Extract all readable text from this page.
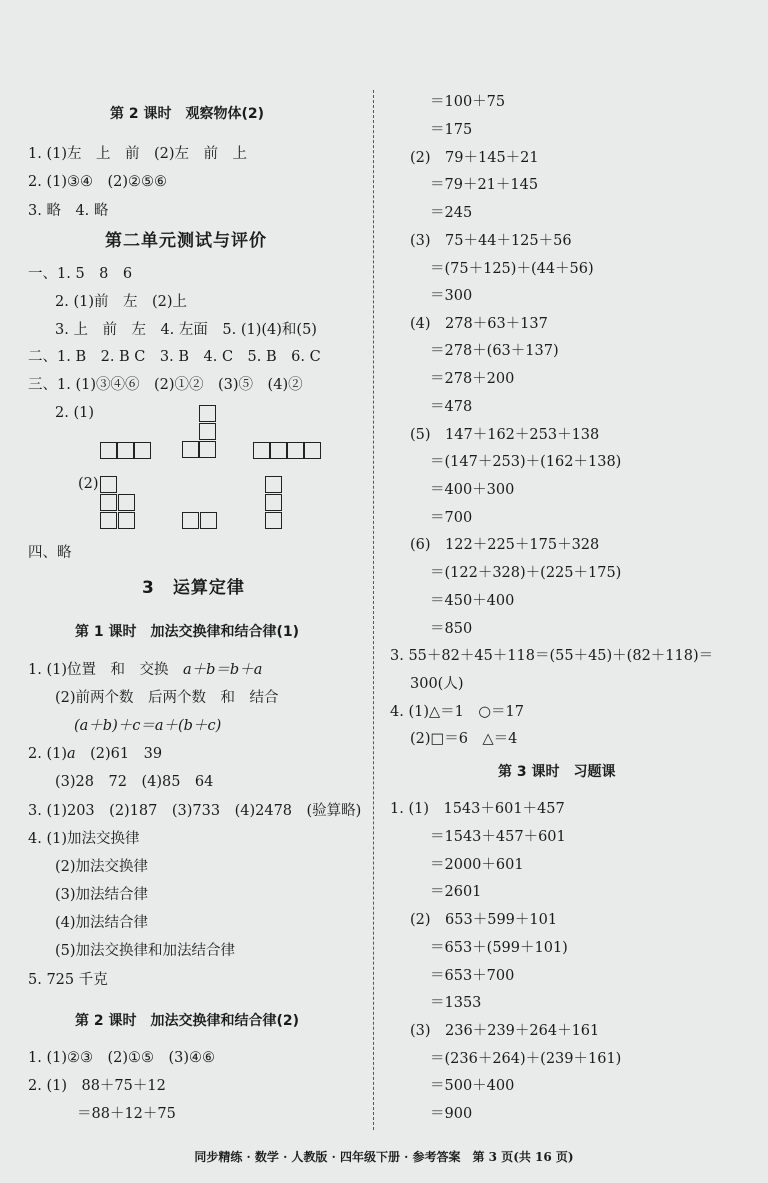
第 2 课时　观察物体(2)
1. (1)左　上　前　(2)左　前　上
2. (1)③④　(2)②⑤⑥
3. 略　4. 略
第二单元测试与评价
一、1. 5　8　6
2. (1)前　左　(2)上
3. 上　前　左　4. 左面　5. (1)(4)和(5)
二、1. B　2. B C　3. B　4. C　5. B　6. C
三、1. (1)③④⑥　(2)①②　(3)⑤　(4)②
2. (1)
(2)
四、略
3　运算定律
第 1 课时　加法交换律和结合律(1)
1. (1)位置　和　交换　a＋b＝b＋a
(2)前两个数　后两个数　和　结合
(a＋b)＋c＝a＋(b＋c)
2. (1)a　(2)61　39
(3)28　72　(4)85　64
3. (1)203　(2)187　(3)733　(4)2478　(验算略)
4. (1)加法交换律
(2)加法交换律
(3)加法结合律
(4)加法结合律
(5)加法交换律和加法结合律
5. 725 千克
第 2 课时　加法交换律和结合律(2)
1. (1)②③　(2)①⑤　(3)④⑥
2. (1)　88＋75＋12
＝88＋12＋75
＝100＋75
＝175
(2)　79＋145＋21
＝79＋21＋145
＝245
(3)　75＋44＋125＋56
＝(75＋125)＋(44＋56)
＝300
(4)　278＋63＋137
＝278＋(63＋137)
＝278＋200
＝478
(5)　147＋162＋253＋138
＝(147＋253)＋(162＋138)
＝400＋300
＝700
(6)　122＋225＋175＋328
＝(122＋328)＋(225＋175)
＝450＋400
＝850
3. 55＋82＋45＋118＝(55＋45)＋(82＋118)＝
300(人)
4. (1)△＝1　○＝17
(2)□＝6　△＝4
第 3 课时　习题课
1. (1)　1543＋601＋457
＝1543＋457＋601
＝2000＋601
＝2601
(2)　653＋599＋101
＝653＋(599＋101)
＝653＋700
＝1353
(3)　236＋239＋264＋161
＝(236＋264)＋(239＋161)
＝500＋400
＝900
同步精练 · 数学 · 人教版 · 四年级下册 · 参考答案　第 3 页(共 16 页)
